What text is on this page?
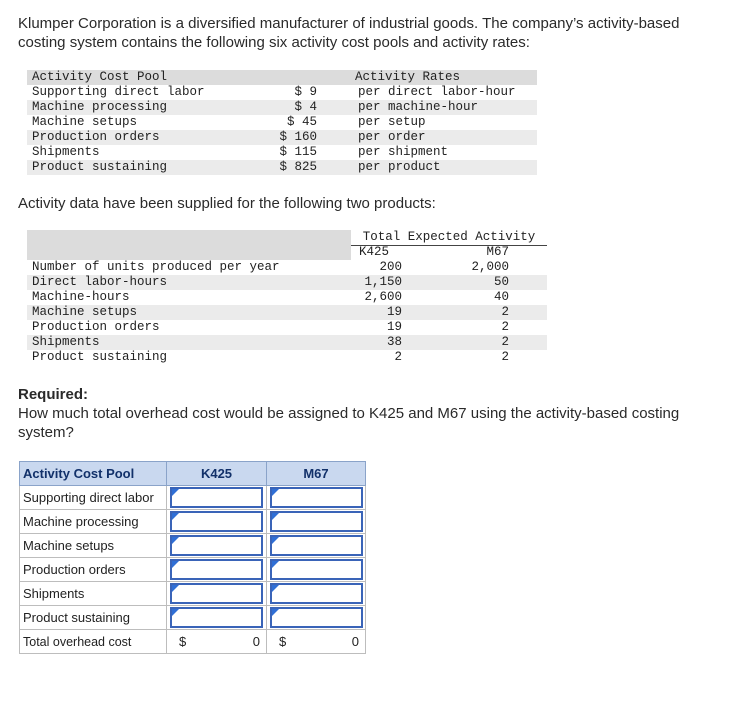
Klumper Corporation is a diversified manufacturer of industrial goods. The company’s activity-based
costing system contains the following six activity cost pools and activity rates:
Activity Cost Pool	Activity Rates
Supporting direct labor	$ 9	per direct labor-hour
Machine processing	$ 4	per machine-hour
Machine setups	$ 45	per setup
Production orders	$ 160	per order
Shipments	$ 115	per shipment
Product sustaining	$ 825	per product
Activity data have been supplied for the following two products:
Total Expected Activity
K425	M67
Number of units produced per year	200	2,000
Direct labor-hours	1,150	50
Machine-hours	2,600	40
Machine setups	19	2
Production orders	19	2
Shipments	38	2
Product sustaining	2	2
Required:
How much total overhead cost would be assigned to K425 and M67 using the activity-based costing
system?
Activity Cost Pool	K425	M67
Supporting direct labor	

Machine processing	

Machine setups	

Production orders	

Shipments	

Product sustaining	

Total overhead cost	$ 0	$ 0
